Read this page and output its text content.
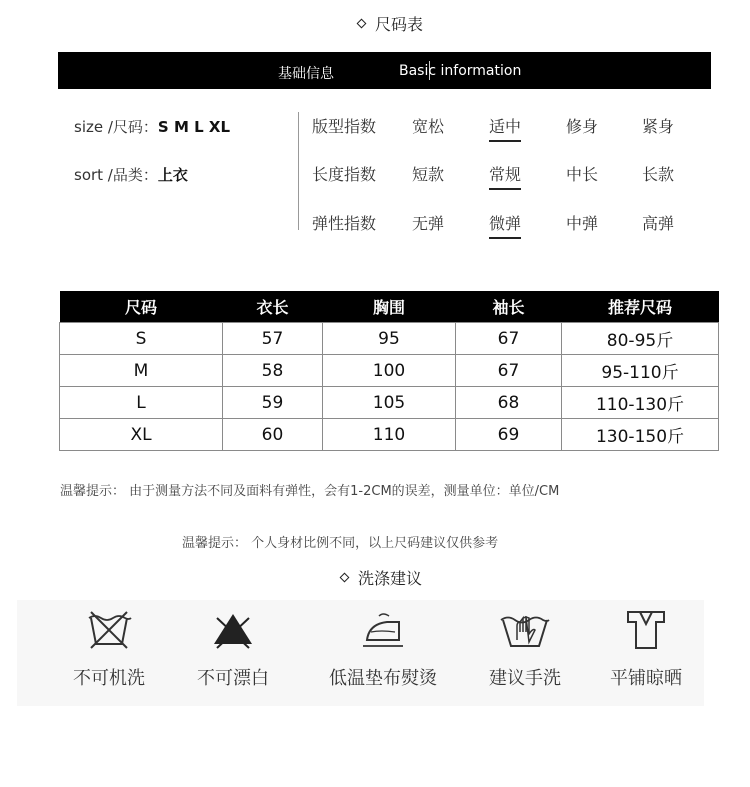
尺码表
基础信息	Basic information
size /尺码：S M L XL
sort /品类：上衣
版型指数 宽松	适中	修身	紧身
长度指数 短款	常规	中长	长款
弹性指数 无弹	微弹	中弹	高弹
尺码	衣长	胸围	袖长	推荐尺码
S	57	95	67	80-95斤
M	58	100	67	95-110斤
L	59	105	68	110-130斤
XL	60	110	69	130-150斤
温馨提示： 由于测量方法不同及面料有弹性，会有1-2CM的误差，测量单位：单位/CM
温馨提示： 个人身材比例不同，以上尺码建议仅供参考
洗涤建议
不可机洗	不可漂白	低温垫布熨烫	建议手洗	平铺晾晒
